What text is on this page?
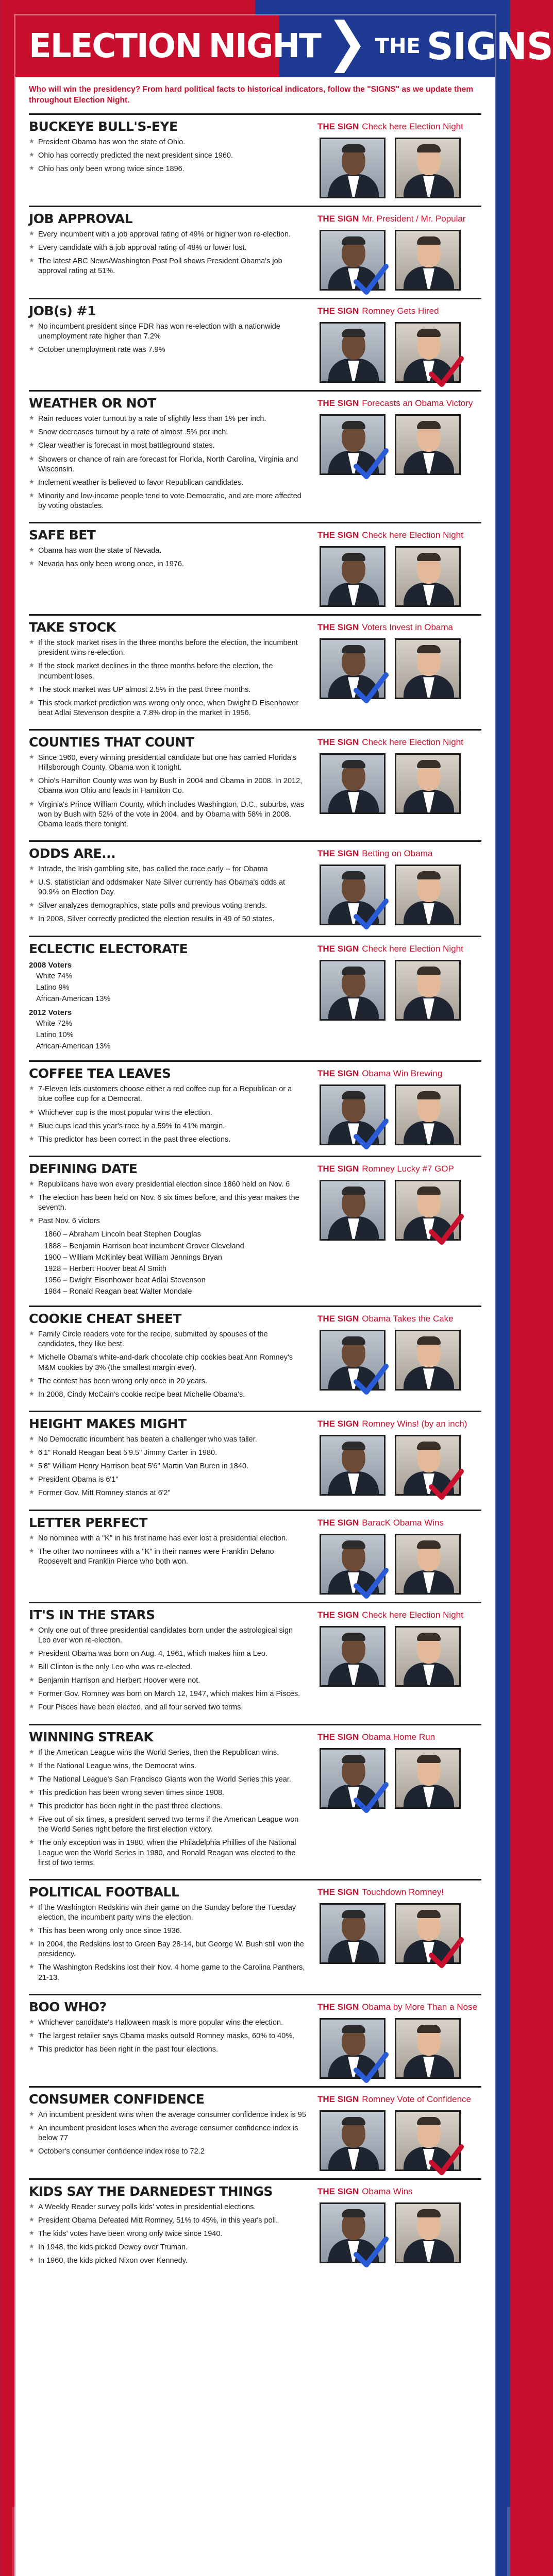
ELECTION NIGHT	THE SIGNS

Who will win the presidency? From hard political facts to historical indicators, follow the "SIGNS" as we update them throughout Election Night.

BUCKEYE BULL'S-EYE
★ President Obama has won the state of Ohio.
★ Ohio has correctly predicted the next president since 1960.
★ Ohio has only been wrong twice since 1896.
THE SIGN Check here Election Night
JOB APPROVAL
★ Every incumbent with a job approval rating of 49% or higher won re-election.
★ Every candidate with a job approval rating of 48% or lower lost.
★ The latest ABC News/Washington Post Poll shows President Obama's job approval rating at 51%.
THE SIGN Mr. President / Mr. Popular
JOB(s) #1
★ No incumbent president since FDR has won re-election with a nationwide unemployment rate higher than 7.2%
★ October unemployment rate was 7.9%
THE SIGN Romney Gets Hired
WEATHER OR NOT
★ Rain reduces voter turnout by a rate of slightly less than 1% per inch.
★ Snow decreases turnout by a rate of almost .5% per inch.
★ Clear weather is forecast in most battleground states.
★ Showers or chance of rain are forecast for Florida, North Carolina, Virginia and Wisconsin.
★ Inclement weather is believed to favor Republican candidates.
★ Minority and low-income people tend to vote Democratic, and are more affected by voting obstacles.
THE SIGN Forecasts an Obama Victory
SAFE BET
★ Obama has won the state of Nevada.
★ Nevada has only been wrong once, in 1976.
THE SIGN Check here Election Night
TAKE STOCK
★ If the stock market rises in the three months before the election, the incumbent president wins re-election.
★ If the stock market declines in the three months before the election, the incumbent loses.
★ The stock market was UP almost 2.5% in the past three months.
★ This stock market prediction was wrong only once, when Dwight D Eisenhower beat Adlai Stevenson despite a 7.8% drop in the market in 1956.
THE SIGN Voters Invest in Obama
COUNTIES THAT COUNT
★ Since 1960, every winning presidential candidate but one has carried Florida's Hillsborough County. Obama won it tonight.
★ Ohio's Hamilton County was won by Bush in 2004 and Obama in 2008. In 2012, Obama won Ohio and leads in Hamilton Co.
★ Virginia's Prince William County, which includes Washington, D.C., suburbs, was won by Bush with 52% of the vote in 2004, and by Obama with 58% in 2008. Obama leads there tonight.
THE SIGN Check here Election Night
ODDS ARE...
★ Intrade, the Irish gambling site, has called the race early -- for Obama
★ U.S. statistician and oddsmaker Nate Silver currently has Obama's odds at 90.9% on Election Day.
★ Silver analyzes demographics, state polls and previous voting trends.
★ In 2008, Silver correctly predicted the election results in 49 of 50 states.
THE SIGN Betting on Obama
ECLECTIC ELECTORATE
2008 Voters
White 74%
Latino 9%
African-American 13%
2012 Voters
White 72%
Latino 10%
African-American 13%
THE SIGN Check here Election Night
COFFEE TEA LEAVES
★ 7-Eleven lets customers choose either a red coffee cup for a Republican or a blue coffee cup for a Democrat.
★ Whichever cup is the most popular wins the election.
★ Blue cups lead this year's race by a 59% to 41% margin.
★ This predictor has been correct in the past three elections.
THE SIGN Obama Win Brewing
DEFINING DATE
★ Republicans have won every presidential election since 1860 held on Nov. 6
★ The election has been held on Nov. 6 six times before, and this year makes the seventh.
★ Past Nov. 6 victors
1860 – Abraham Lincoln beat Stephen Douglas
1888 – Benjamin Harrison beat incumbent Grover Cleveland
1900 – William McKinley beat William Jennings Bryan
1928 – Herbert Hoover beat Al Smith
1956 – Dwight Eisenhower beat Adlai Stevenson
1984 – Ronald Reagan beat Walter Mondale
THE SIGN Romney Lucky #7 GOP
COOKIE CHEAT SHEET
★ Family Circle readers vote for the recipe, submitted by spouses of the candidates, they like best.
★ Michelle Obama's white-and-dark chocolate chip cookies beat Ann Romney's M&M cookies by 3% (the smallest margin ever).
★ The contest has been wrong only once in 20 years.
★ In 2008, Cindy McCain's cookie recipe beat Michelle Obama's.
THE SIGN Obama Takes the Cake
HEIGHT MAKES MIGHT
★ No Democratic incumbent has beaten a challenger who was taller.
★ 6'1" Ronald Reagan beat 5'9.5" Jimmy Carter in 1980.
★ 5'8" William Henry Harrison beat 5'6" Martin Van Buren in 1840.
★ President Obama is 6'1"
★ Former Gov. Mitt Romney stands at 6'2"
THE SIGN Romney Wins! (by an inch)
LETTER PERFECT
★ No nominee with a "K" in his first name has ever lost a presidential election.
★ The other two nominees with a "K" in their names were Franklin Delano Roosevelt and Franklin Pierce who both won.
THE SIGN BaracK Obama Wins
IT'S IN THE STARS
★ Only one out of three presidential candidates born under the astrological sign Leo ever won re-election.
★ President Obama was born on Aug. 4, 1961, which makes him a Leo.
★ Bill Clinton is the only Leo who was re-elected.
★ Benjamin Harrison and Herbert Hoover were not.
★ Former Gov. Romney was born on March 12, 1947, which makes him a Pisces.
★ Four Pisces have been elected, and all four served two terms.
THE SIGN Check here Election Night
WINNING STREAK
★ If the American League wins the World Series, then the Republican wins.
★ If the National League wins, the Democrat wins.
★ The National League's San Francisco Giants won the World Series this year.
★ This prediction has been wrong seven times since 1908.
★ This predictor has been right in the past three elections.
★ Five out of six times, a president served two terms if the American League won the World Series right before the first election victory.
★ The only exception was in 1980, when the Philadelphia Phillies of the National League won the World Series in 1980, and Ronald Reagan was elected to the first of two terms.
THE SIGN Obama Home Run
POLITICAL FOOTBALL
★ If the Washington Redskins win their game on the Sunday before the Tuesday election, the incumbent party wins the election.
★ This has been wrong only once since 1936.
★ In 2004, the Redskins lost to Green Bay 28-14, but George W. Bush still won the presidency.
★ The Washington Redskins lost their Nov. 4 home game to the Carolina Panthers, 21-13.
THE SIGN Touchdown Romney!
BOO WHO?
★ Whichever candidate's Halloween mask is more popular wins the election.
★ The largest retailer says Obama masks outsold Romney masks, 60% to 40%.
★ This predictor has been right in the past four elections.
THE SIGN Obama by More Than a Nose
CONSUMER CONFIDENCE
★ An incumbent president wins when the average consumer confidence index is 95
★ An incumbent president loses when the average consumer confidence index is below 77
★ October's consumer confidence index rose to 72.2
THE SIGN Romney Vote of Confidence
KIDS SAY THE DARNEDEST THINGS
★ A Weekly Reader survey polls kids' votes in presidential elections.
★ President Obama Defeated Mitt Romney, 51% to 45%, in this year's poll.
★ The kids' votes have been wrong only twice since 1940.
★ In 1948, the kids picked Dewey over Truman.
★ In 1960, the kids picked Nixon over Kennedy.
THE SIGN Obama Wins
